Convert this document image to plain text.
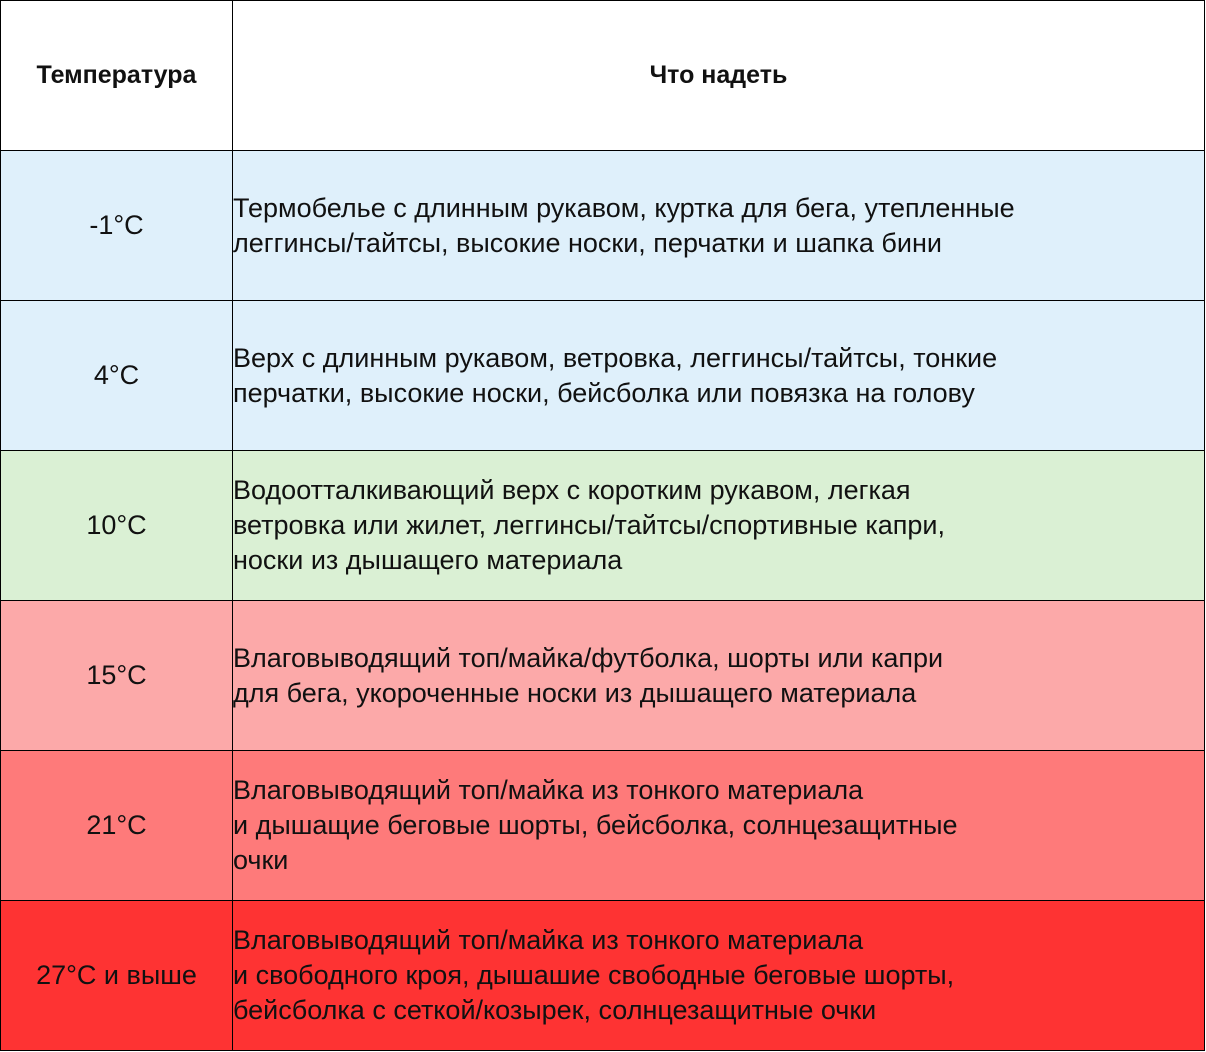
Температура	Что надеть
-1°C	Термобелье с длинным рукавом, куртка для бега, утепленные
леггинсы/тайтсы, высокие носки, перчатки и шапка бини

4°C	Верх с длинным рукавом, ветровка, леггинсы/тайтсы, тонкие
перчатки, высокие носки, бейсболка или повязка на голову

10°C	Водоотталкивающий верх с коротким рукавом, легкая
ветровка или жилет, леггинсы/тайтсы/спортивные капри,
носки из дышащего материала

15°C	Влаговыводящий топ/майка/футболка, шорты или капри
для бега, укороченные носки из дышащего материала

21°C	Влаговыводящий топ/майка из тонкого материала
и дышащие беговые шорты, бейсболка, солнцезащитные
очки

27°C и выше	Влаговыводящий топ/майка из тонкого материала
и свободного кроя, дышашие свободные беговые шорты,
бейсболка с сеткой/козырек, солнцезащитные очки
